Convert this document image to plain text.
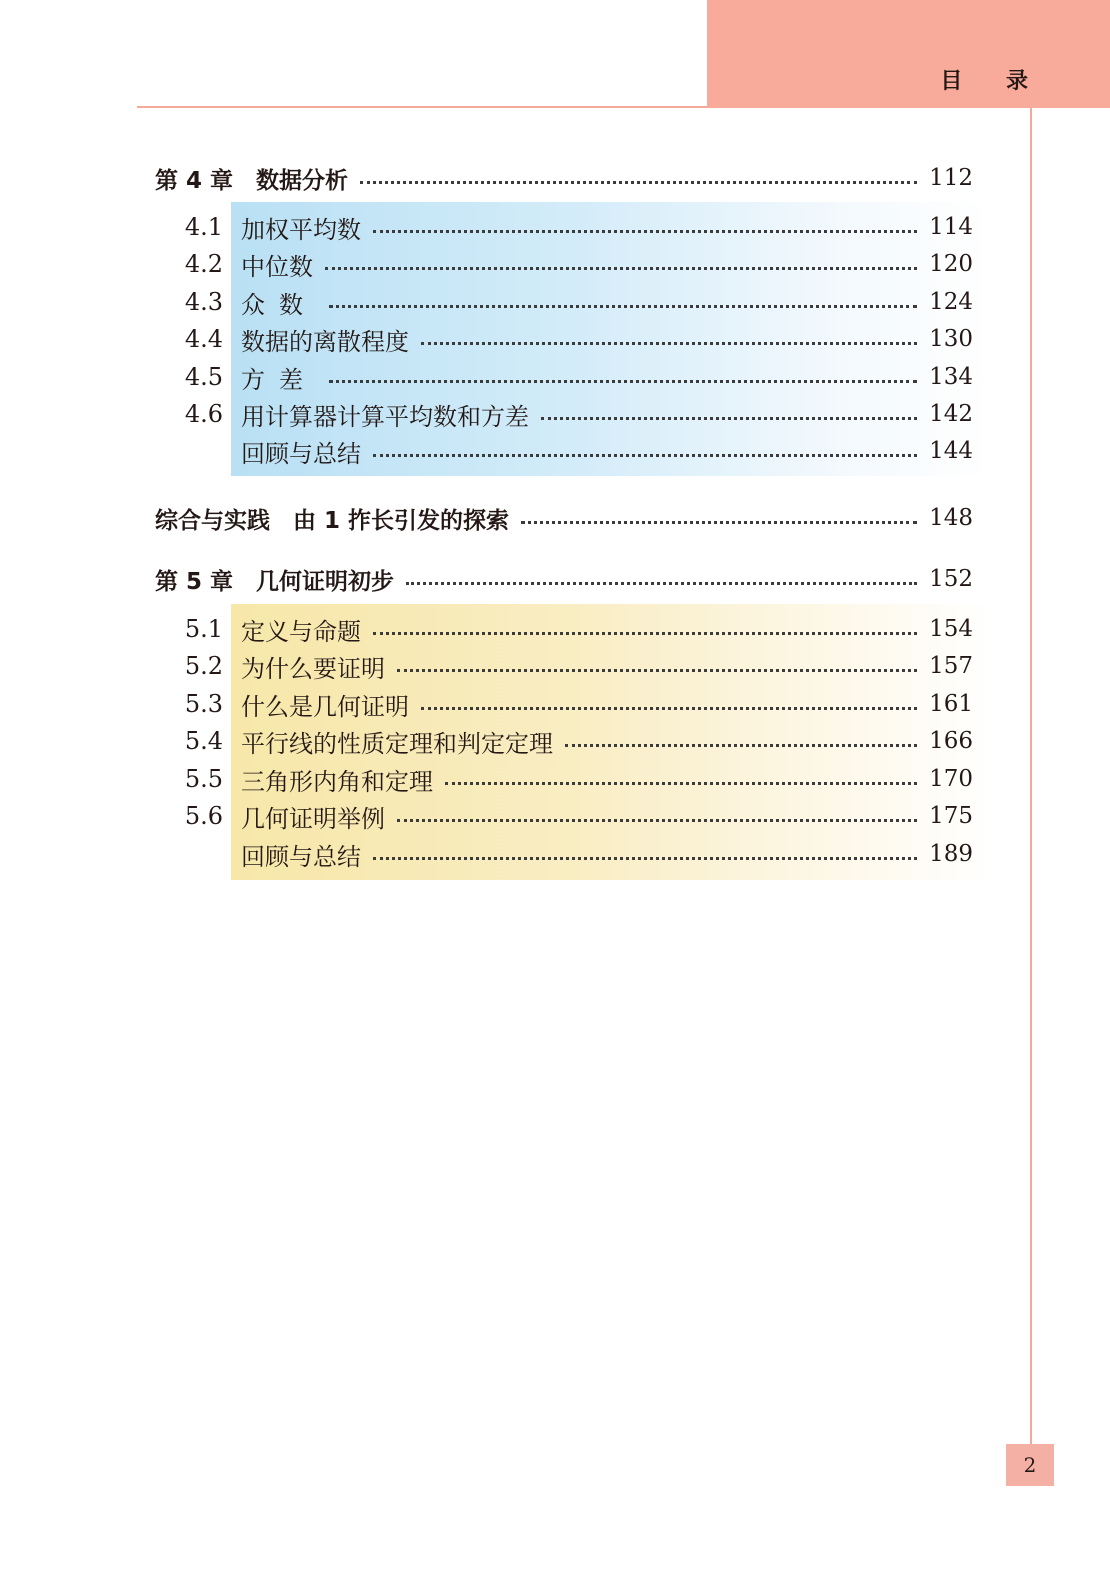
目 录
第 4 章　数据分析	112
4.1 加权平均数	114
4.2 中位数	120
4.3 众数	124
4.4 数据的离散程度	130
4.5 方差	134
4.6 用计算器计算平均数和方差	142
回顾与总结	144
综合与实践　由 1 拃长引发的探索	148
第 5 章　几何证明初步	152
5.1 定义与命题	154
5.2 为什么要证明	157
5.3 什么是几何证明	161
5.4 平行线的性质定理和判定定理	166
5.5 三角形内角和定理	170
5.6 几何证明举例	175
回顾与总结	189
2
